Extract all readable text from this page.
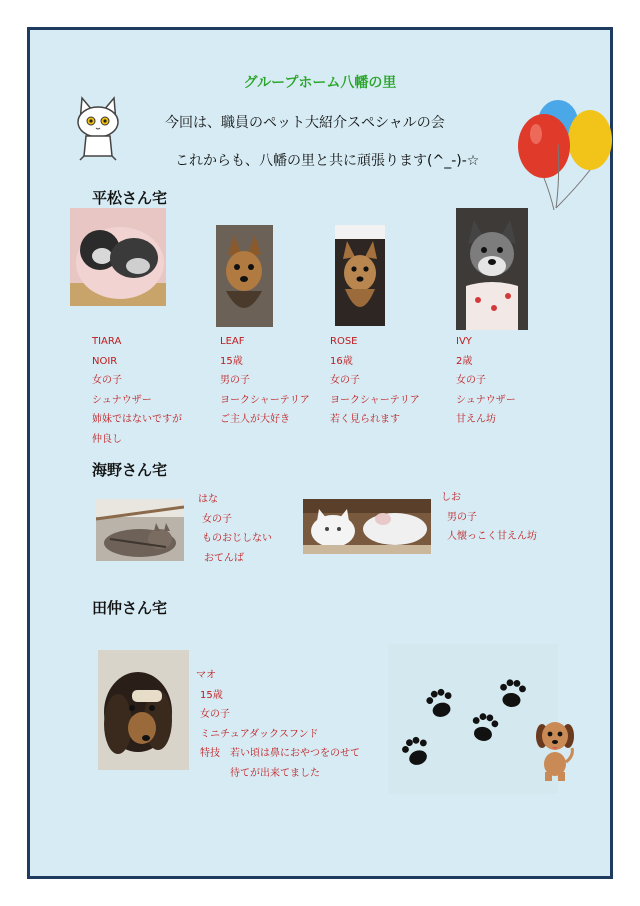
グループホーム八幡の里
今回は、職員のペット大紹介スペシャルの会
これからも、八幡の里と共に頑張ります(^_-)-☆
平松さん宅
TIARA
NOIR
女の子
シュナウザー
姉妹ではないですが
仲良し
LEAF
15歳
男の子
ヨークシャーテリア
ご主人が大好き
ROSE
16歳
女の子
ヨークシャーテリア
若く見られます
IVY
2歳
女の子
シュナウザー
甘えん坊
海野さん宅
はな
女の子
ものおじしない
おてんば
しお
男の子
人懐っこく甘えん坊
田仲さん宅
マオ
15歳
女の子
ミニチュアダックスフンド
特技　若い頃は鼻におやつをのせて
　　　待てが出来てました
